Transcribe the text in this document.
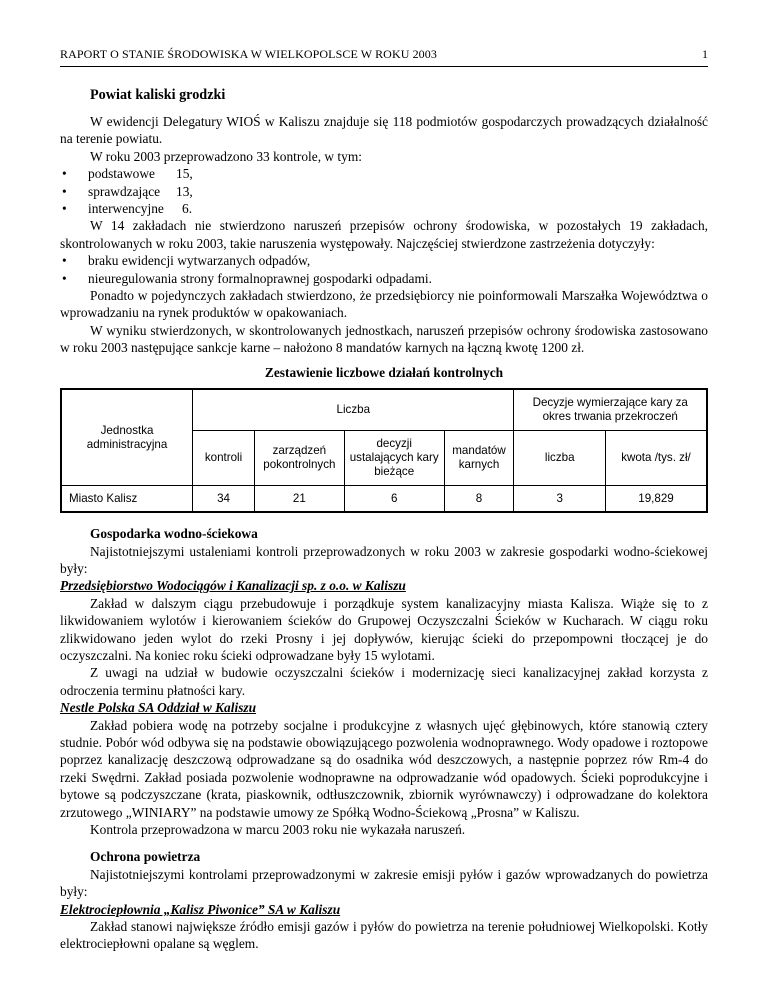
RAPORT O STANIE ŚRODOWISKA W WIELKOPOLSCE W ROKU 2003	1
Powiat kaliski grodzki

W ewidencji Delegatury WIOŚ w Kaliszu znajduje się 118 podmiotów gospodarczych prowadzących działalność na terenie powiatu.

W roku 2003 przeprowadzono 33 kontrole, w tym:

• podstawowe 15,
• sprawdzające 13,
• interwencyjne 6.

W 14 zakładach nie stwierdzono naruszeń przepisów ochrony środowiska, w pozostałych 19 zakładach, skontrolowanych w roku 2003, takie naruszenia występowały. Najczęściej stwierdzone zastrzeżenia dotyczyły:

• braku ewidencji wytwarzanych odpadów,
• nieuregulowania strony formalnoprawnej gospodarki odpadami.

Ponadto w pojedynczych zakładach stwierdzono, że przedsiębiorcy nie poinformowali Marszałka Województwa o wprowadzaniu na rynek produktów w opakowaniach.

W wyniku stwierdzonych, w skontrolowanych jednostkach, naruszeń przepisów ochrony środowiska zastosowano w roku 2003 następujące sankcje karne – nałożono 8 mandatów karnych na łączną kwotę 1200 zł.

Zestawienie liczbowe działań kontrolnych
Jednostka administracyjna	Liczba				Decyzje wymierzające kary za okres trwania przekroczeń	
	kontroli	zarządzeń pokontrolnych	decyzji ustalających kary bieżące	mandatów karnych	liczba	kwota /tys. zł/
Miasto Kalisz	34	21	6	8	3	19,829
Gospodarka wodno-ściekowa

Najistotniejszymi ustaleniami kontroli przeprowadzonych w roku 2003 w zakresie gospodarki wodno-ściekowej były:

Przedsiębiorstwo Wodociągów i Kanalizacji sp. z o.o. w Kaliszu

Zakład w dalszym ciągu przebudowuje i porządkuje system kanalizacyjny miasta Kalisza. Wiąże się to z likwidowaniem wylotów i kierowaniem ścieków do Grupowej Oczyszczalni Ścieków w Kucharach. W ciągu roku zlikwidowano jeden wylot do rzeki Prosny i jej dopływów, kierując ścieki do przepompowni tłoczącej je do oczyszczalni. Na koniec roku ścieki odprowadzane były 15 wylotami.

Z uwagi na udział w budowie oczyszczalni ścieków i modernizację sieci kanalizacyjnej zakład korzysta z odroczenia terminu płatności kary.

Nestle Polska SA Oddział w Kaliszu

Zakład pobiera wodę na potrzeby socjalne i produkcyjne z własnych ujęć głębinowych, które stanowią cztery studnie. Pobór wód odbywa się na podstawie obowiązującego pozwolenia wodnoprawnego. Wody opadowe i roztopowe poprzez kanalizację deszczową odprowadzane są do osadnika wód deszczowych, a następnie poprzez rów Rm-4 do rzeki Swędrni. Zakład posiada pozwolenie wodnoprawne na odprowadzanie wód opadowych. Ścieki poprodukcyjne i bytowe są podczyszczane (krata, piaskownik, odtłuszczownik, zbiornik wyrównawczy) i odprowadzane do kolektora zrzutowego „WINIARY” na podstawie umowy ze Spółką Wodno-Ściekową „Prosna” w Kaliszu.

Kontrola przeprowadzona w marcu 2003 roku nie wykazała naruszeń.

Ochrona powietrza

Najistotniejszymi kontrolami przeprowadzonymi w zakresie emisji pyłów i gazów wprowadzanych do powietrza były:

Elektrociepłownia „Kalisz Piwonice” SA w Kaliszu

Zakład stanowi największe źródło emisji gazów i pyłów do powietrza na terenie południowej Wielkopolski. Kotły elektrociepłowni opalane są węglem.
